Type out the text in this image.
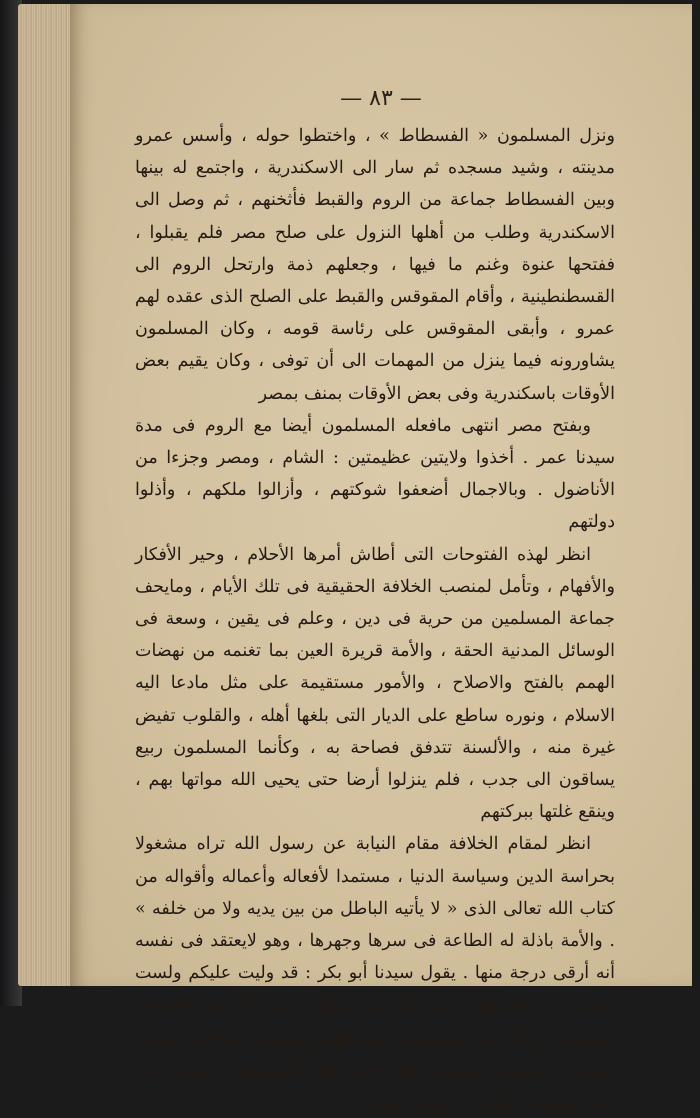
— ٨٣ —

ونزل المسلمون « الفسطاط » ، واختطوا حوله ، وأسس عمرو مدينته ، وشيد مسجده ثم سار الى الاسكندرية ، واجتمع له بينها وبين الفسطاط جماعة من الروم والقبط فأثخنهم ، ثم وصل الى الاسكندرية وطلب من أهلها النزول على صلح مصر فلم يقبلوا ، ففتحها عنوة وغنم ما فيها ، وجعلهم ذمة وارتحل الروم الى القسطنطينية ، وأقام المقوقس والقبط على الصلح الذى عقده لهم عمرو ، وأبقى المقوقس على رئاسة قومه ، وكان المسلمون يشاورونه فيما ينزل من المهمات الى أن توفى ، وكان يقيم بعض الأوقات باسكندرية وفى بعض الأوقات بمنف بمصر

وبفتح مصر انتهى مافعله المسلمون أيضا مع الروم فى مدة سيدنا عمر . أخذوا ولايتين عظيمتين : الشام ، ومصر وجزءا من الأناضول . وبالاجمال أضعفوا شوكتهم ، وأزالوا ملكهم ، وأذلوا دولتهم

انظر لهذه الفتوحات التى أطاش أمرها الأحلام ، وحير الأفكار والأفهام ، وتأمل لمنصب الخلافة الحقيقية فى تلك الأيام ، ومايحف جماعة المسلمين من حرية فى دين ، وعلم فى يقين ، وسعة فى الوسائل المدنية الحقة ، والأمة قريرة العين بما تغنمه من نهضات الهمم بالفتح والاصلاح ، والأمور مستقيمة على مثل مادعا اليه الاسلام ، ونوره ساطع على الديار التى بلغها أهله ، والقلوب تفيض غيرة منه ، والألسنة تتدفق فصاحة به ، وكأنما المسلمون ربيع يساقون الى جدب ، فلم ينزلوا أرضا حتى يحيى الله مواتها بهم ، وينقع غلتها ببركتهم

انظر لمقام الخلافة مقام النيابة عن رسول الله تراه مشغولا بحراسة الدين وسياسة الدنيا ، مستمدا لأفعاله وأعماله وأقواله من كتاب الله تعالى الذى « لا يأتيه الباطل من بين يديه ولا من خلفه » . والأمة باذلة له الطاعة فى سرها وجهرها ، وهو لايعتقد فى نفسه أنه أرقى درجة منها . يقول سيدنا أبو بكر : قد وليت عليكم ولست بخيركم ، والفاروق رضى الله عنه يقول : من رأى فى اعوجاجا فليقومه . وحاله بين المسلمين فى مالهم وجبايتهم وخراجهم كوصى اليتيم ان استغنى استعفف وان افتقر أكل بالمعروف . وشغله بعد هذا النظر فى طلبات الرعية وتفقد
